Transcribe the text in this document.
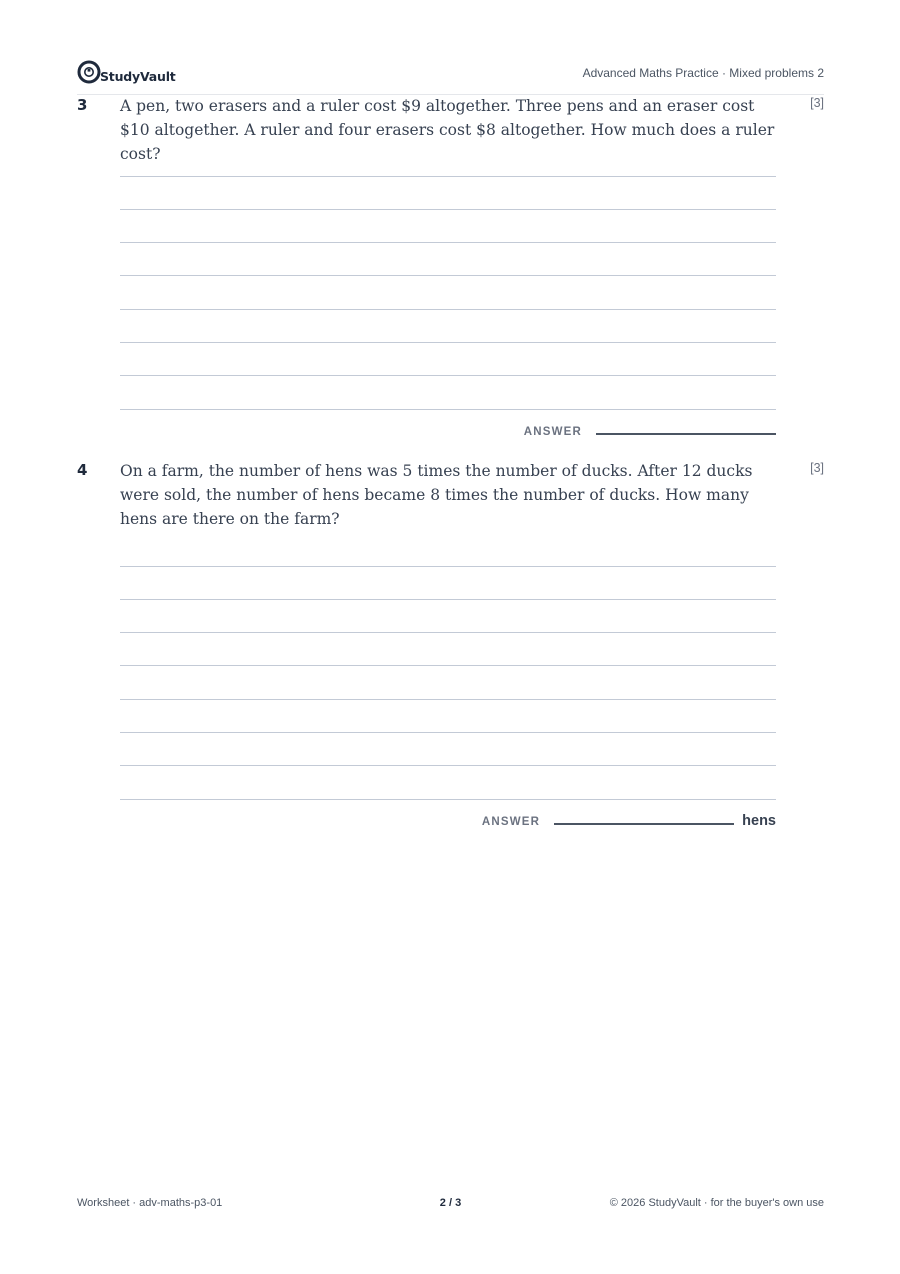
StudyVault	Advanced Maths Practice · Mixed problems 2
3 A pen, two erasers and a ruler cost $9 altogether. Three pens and an eraser cost $10 altogether. A ruler and four erasers cost $8 altogether. How much does a ruler cost?
[3]
ANSWER
4 On a farm, the number of hens was 5 times the number of ducks. After 12 ducks were sold, the number of hens became 8 times the number of ducks. How many hens are there on the farm?
[3]
ANSWER	hens
Worksheet · adv-maths-p3-01	2 / 3	© 2026 StudyVault · for the buyer's own use
